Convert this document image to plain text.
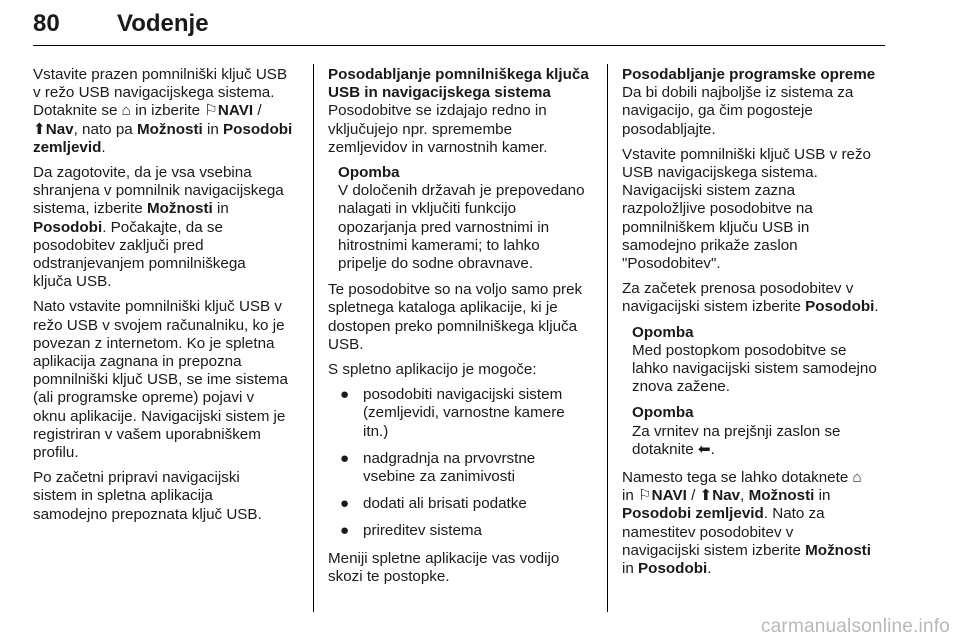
80 Vodenje

Vstavite prazen pomnilniški ključ USB
v režo USB navigacijskega sistema.
Dotaknite se ⌂ in izberite ⚐NAVI /
⬆Nav, nato pa Možnosti in Posodobi
zemljevid.

Da zagotovite, da je vsa vsebina
shranjena v pomnilnik navigacijskega
sistema, izberite Možnosti in
Posodobi. Počakajte, da se
posodobitev zaključi pred
odstranjevanjem pomnilniškega
ključa USB.

Nato vstavite pomnilniški ključ USB v
režo USB v svojem računalniku, ko je
povezan z internetom. Ko je spletna
aplikacija zagnana in prepozna
pomnilniški ključ USB, se ime sistema
(ali programske opreme) pojavi v
oknu aplikacije. Navigacijski sistem je
registriran v vašem uporabniškem
profilu.

Po začetni pripravi navigacijski
sistem in spletna aplikacija
samodejno prepoznata ključ USB.

Posodabljanje pomnilniškega ključa
USB in navigacijskega sistema

Posodobitve se izdajajo redno in
vključujejo npr. spremembe
zemljevidov in varnostnih kamer.

Opomba
V določenih državah je prepovedano
nalagati in vključiti funkcijo
opozarjanja pred varnostnimi in
hitrostnimi kamerami; to lahko
pripelje do sodne obravnave.

Te posodobitve so na voljo samo prek
spletnega kataloga aplikacije, ki je
dostopen preko pomnilniškega ključa
USB.

S spletno aplikacijo je mogoče:

● posodobiti navigacijski sistem
(zemljevidi, varnostne kamere
itn.)
● nadgradnja na prvovrstne
vsebine za zanimivosti
● dodati ali brisati podatke
● prireditev sistema

Meniji spletne aplikacije vas vodijo
skozi te postopke.

Posodabljanje programske opreme

Da bi dobili najboljše iz sistema za
navigacijo, ga čim pogosteje
posodabljajte.

Vstavite pomnilniški ključ USB v režo
USB navigacijskega sistema.
Navigacijski sistem zazna
razpoložljive posodobitve na
pomnilniškem ključu USB in
samodejno prikaže zaslon
"Posodobitev".

Za začetek prenosa posodobitev v
navigacijski sistem izberite Posodobi.

Opomba
Med postopkom posodobitve se
lahko navigacijski sistem samodejno
znova zažene.
Opomba
Za vrnitev na prejšnji zaslon se
dotaknite ⬅.

Namesto tega se lahko dotaknete ⌂
in ⚐NAVI / ⬆Nav, Možnosti in
Posodobi zemljevid. Nato za
namestitev posodobitev v
navigacijski sistem izberite Možnosti
in Posodobi.

carmanualsonline.info
